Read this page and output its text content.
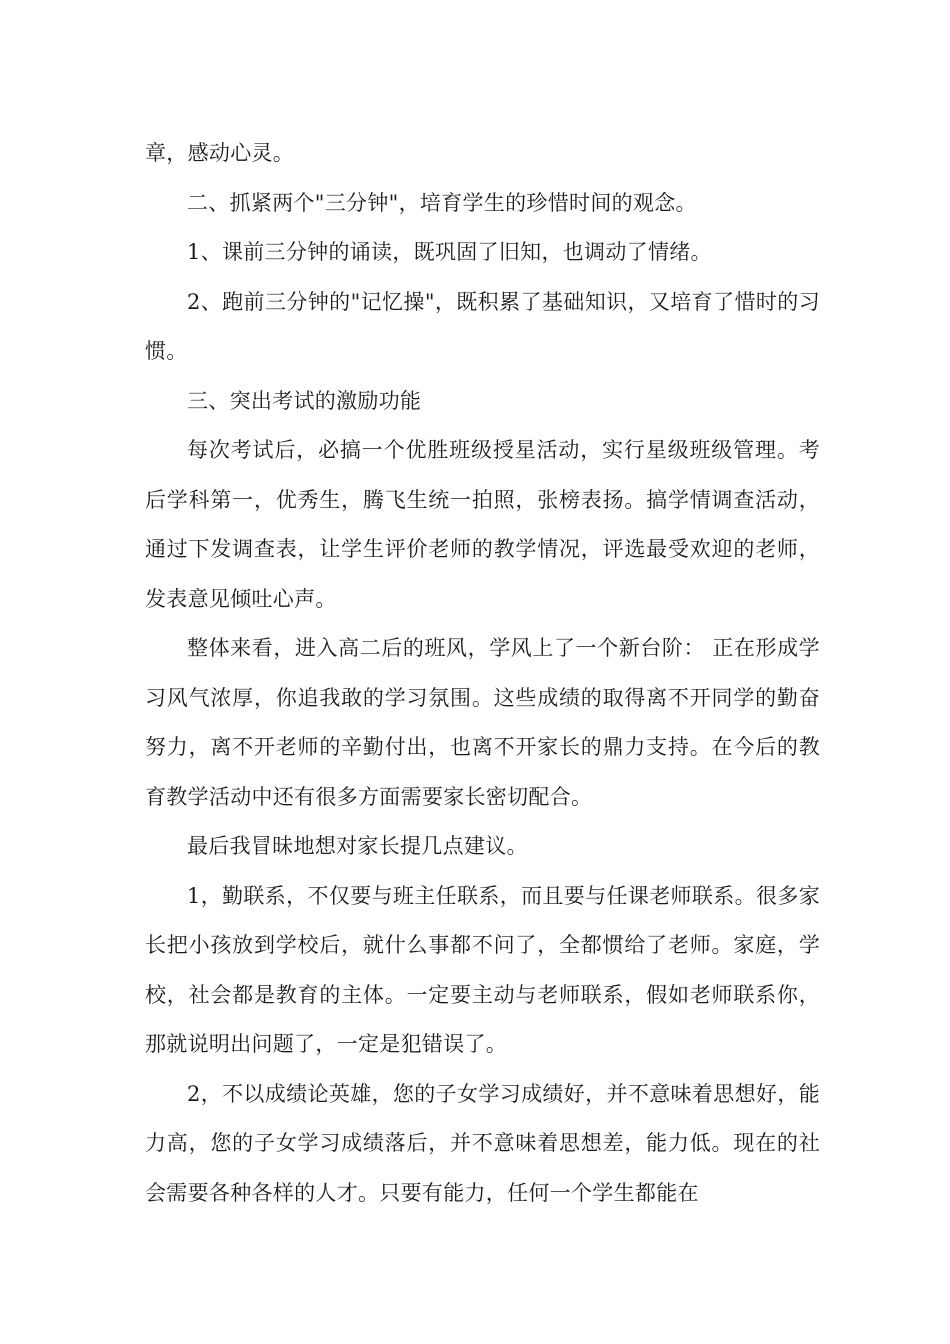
章，感动心灵。

二、抓紧两个"三分钟"，培育学生的珍惜时间的观念。

1、课前三分钟的诵读，既巩固了旧知，也调动了情绪。

2、跑前三分钟的"记忆操"，既积累了基础知识，又培育了惜时的习惯。

三、突出考试的激励功能

每次考试后，必搞一个优胜班级授星活动，实行星级班级管理。考后学科第一，优秀生，腾飞生统一拍照，张榜表扬。搞学情调查活动，通过下发调查表，让学生评价老师的教学情况，评选最受欢迎的老师，发表意见倾吐心声。

整体来看，进入高二后的班风，学风上了一个新台阶： 正在形成学习风气浓厚，你追我敢的学习氛围。这些成绩的取得离不开同学的勤奋努力，离不开老师的辛勤付出，也离不开家长的鼎力支持。在今后的教育教学活动中还有很多方面需要家长密切配合。

最后我冒昧地想对家长提几点建议。

1，勤联系，不仅要与班主任联系，而且要与任课老师联系。很多家长把小孩放到学校后，就什么事都不问了，全都惯给了老师。家庭，学校，社会都是教育的主体。一定要主动与老师联系，假如老师联系你，那就说明出问题了，一定是犯错误了。

2，不以成绩论英雄，您的子女学习成绩好，并不意味着思想好，能力高，您的子女学习成绩落后，并不意味着思想差，能力低。现在的社会需要各种各样的人才。只要有能力，任何一个学生都能在
